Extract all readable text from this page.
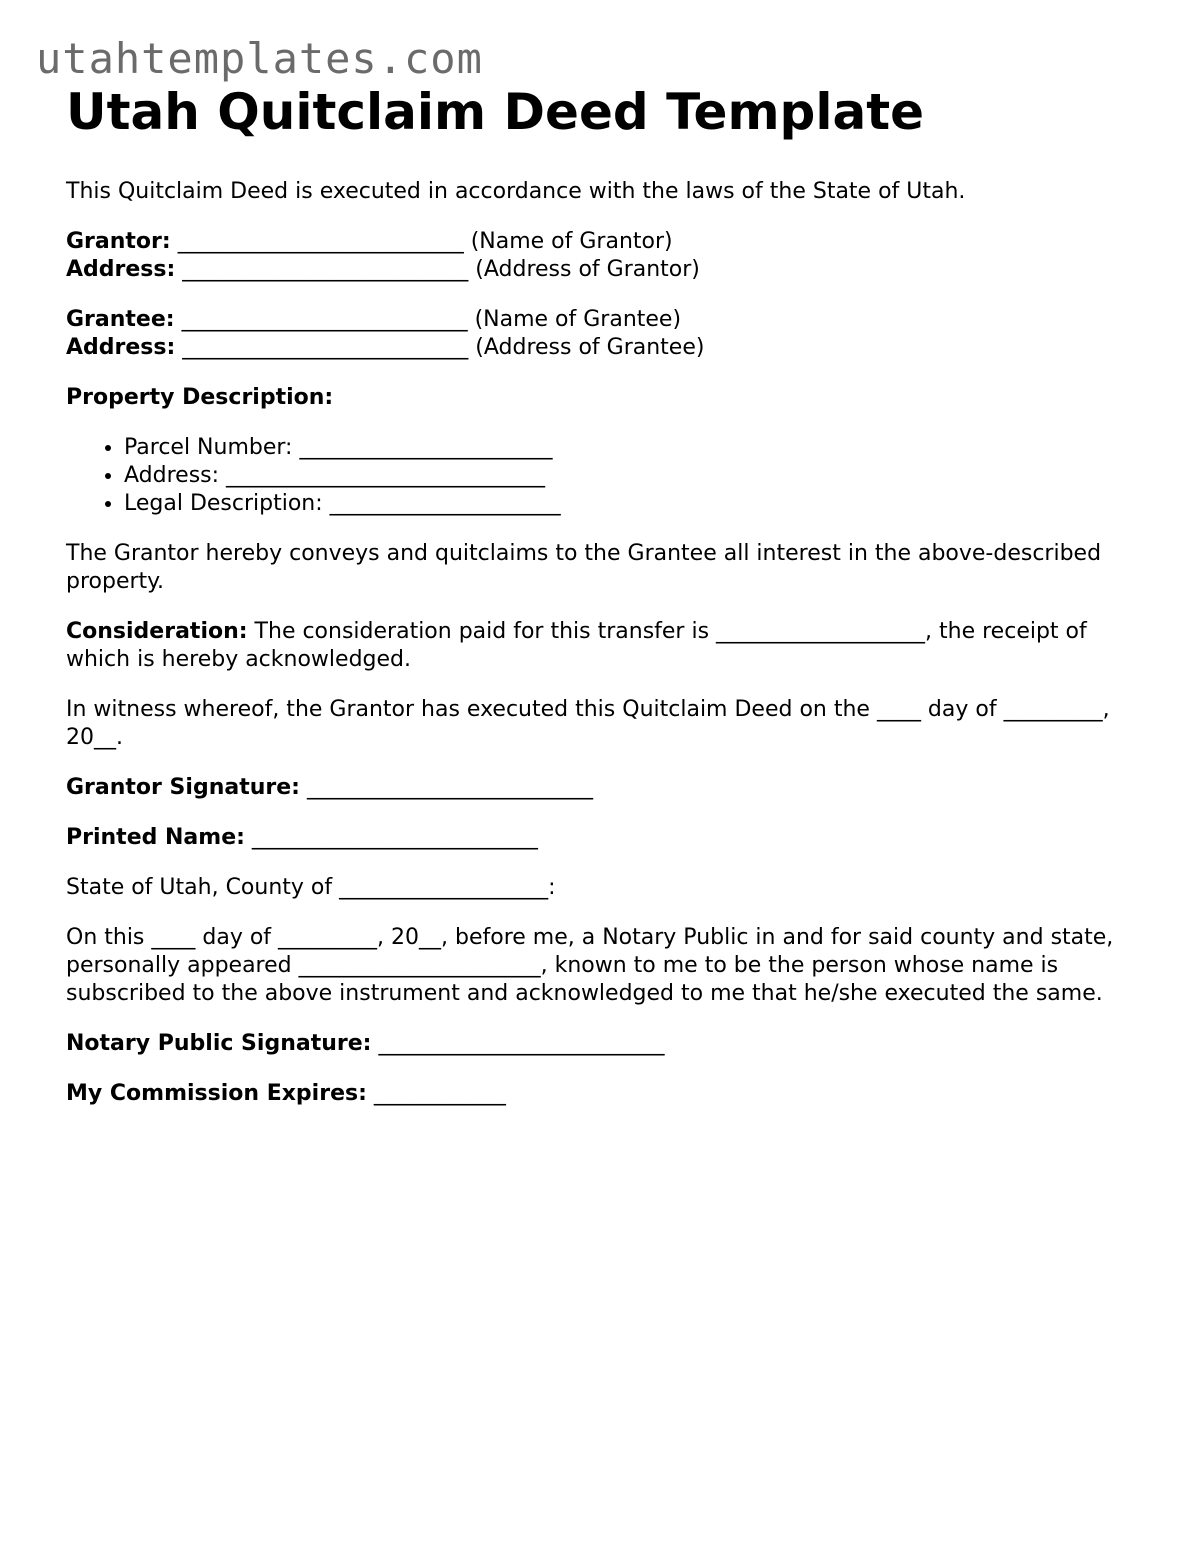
utahtemplates.com
Utah Quitclaim Deed Template

This Quitclaim Deed is executed in accordance with the laws of the State of Utah.

Grantor: __________________________ (Name of Grantor)
Address: __________________________ (Address of Grantor)

Grantee: __________________________ (Name of Grantee)
Address: __________________________ (Address of Grantee)

Property Description:

• Parcel Number: _______________________
• Address: _____________________________
• Legal Description: _____________________

The Grantor hereby conveys and quitclaims to the Grantee all interest in the above-described property.

Consideration: The consideration paid for this transfer is ___________________, the receipt of which is hereby acknowledged.

In witness whereof, the Grantor has executed this Quitclaim Deed on the ____ day of _________, 20__.

Grantor Signature: __________________________

Printed Name: __________________________

State of Utah, County of ___________________:

On this ____ day of _________, 20__, before me, a Notary Public in and for said county and state, personally appeared ______________________, known to me to be the person whose name is subscribed to the above instrument and acknowledged to me that he/she executed the same.

Notary Public Signature: __________________________

My Commission Expires: ____________
